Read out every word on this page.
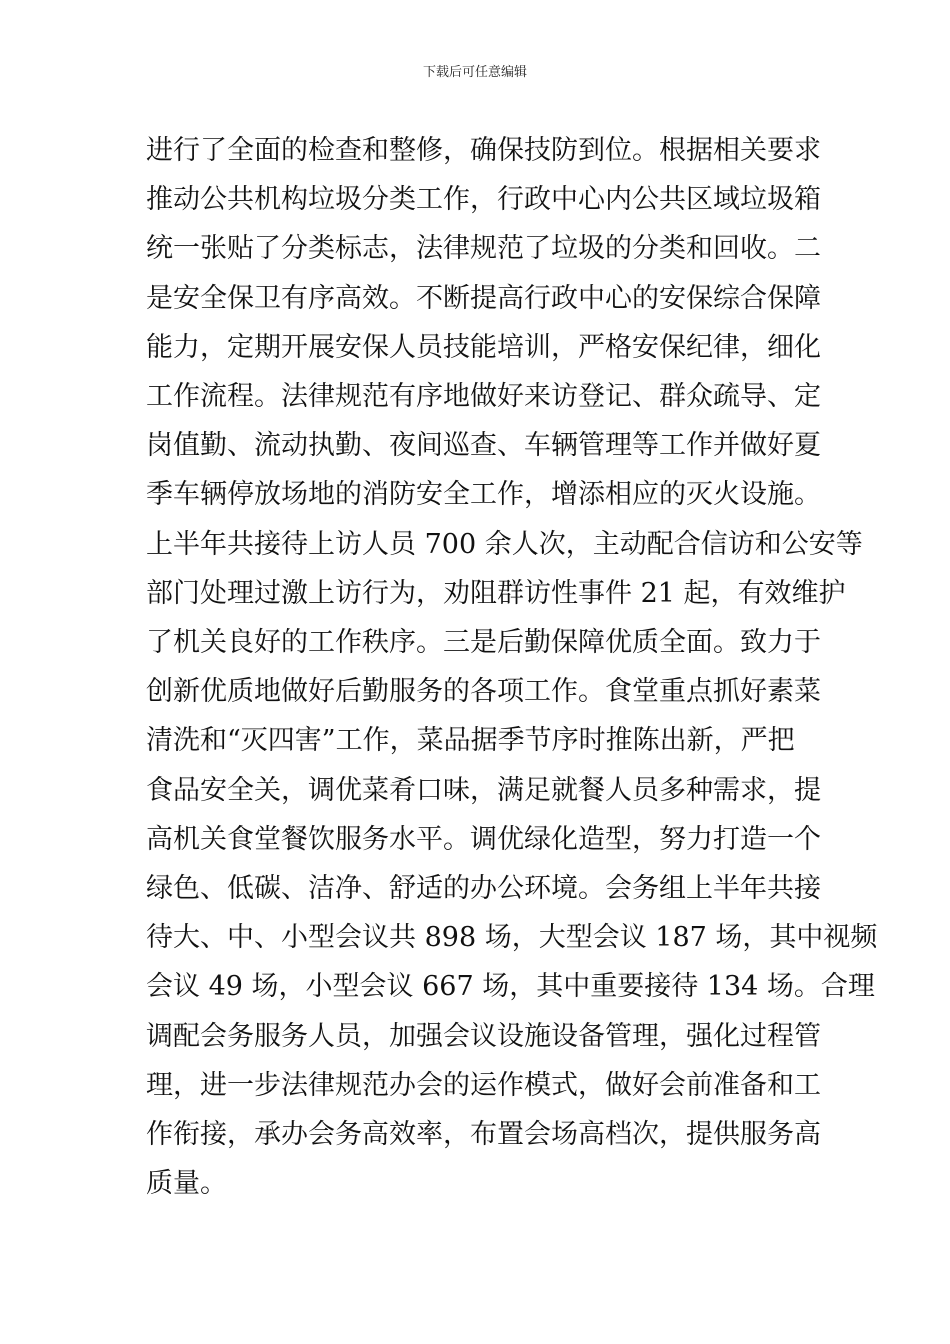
下载后可任意编辑
进行了全面的检查和整修，确保技防到位。根据相关要求
推动公共机构垃圾分类工作，行政中心内公共区域垃圾箱
统一张贴了分类标志，法律规范了垃圾的分类和回收。二
是安全保卫有序高效。不断提高行政中心的安保综合保障
能力，定期开展安保人员技能培训，严格安保纪律，细化
工作流程。法律规范有序地做好来访登记、群众疏导、定
岗值勤、流动执勤、夜间巡查、车辆管理等工作并做好夏
季车辆停放场地的消防安全工作，增添相应的灭火设施。
上半年共接待上访人员 700 余人次，主动配合信访和公安等
部门处理过激上访行为，劝阻群访性事件 21 起，有效维护
了机关良好的工作秩序。三是后勤保障优质全面。致力于
创新优质地做好后勤服务的各项工作。食堂重点抓好素菜
清洗和“灭四害”工作，菜品据季节序时推陈出新，严把
食品安全关，调优菜肴口味，满足就餐人员多种需求，提
高机关食堂餐饮服务水平。调优绿化造型，努力打造一个
绿色、低碳、洁净、舒适的办公环境。会务组上半年共接
待大、中、小型会议共 898 场，大型会议 187 场，其中视频
会议 49 场，小型会议 667 场，其中重要接待 134 场。合理
调配会务服务人员，加强会议设施设备管理，强化过程管
理，进一步法律规范办会的运作模式，做好会前准备和工
作衔接，承办会务高效率，布置会场高档次，提供服务高
质量。
